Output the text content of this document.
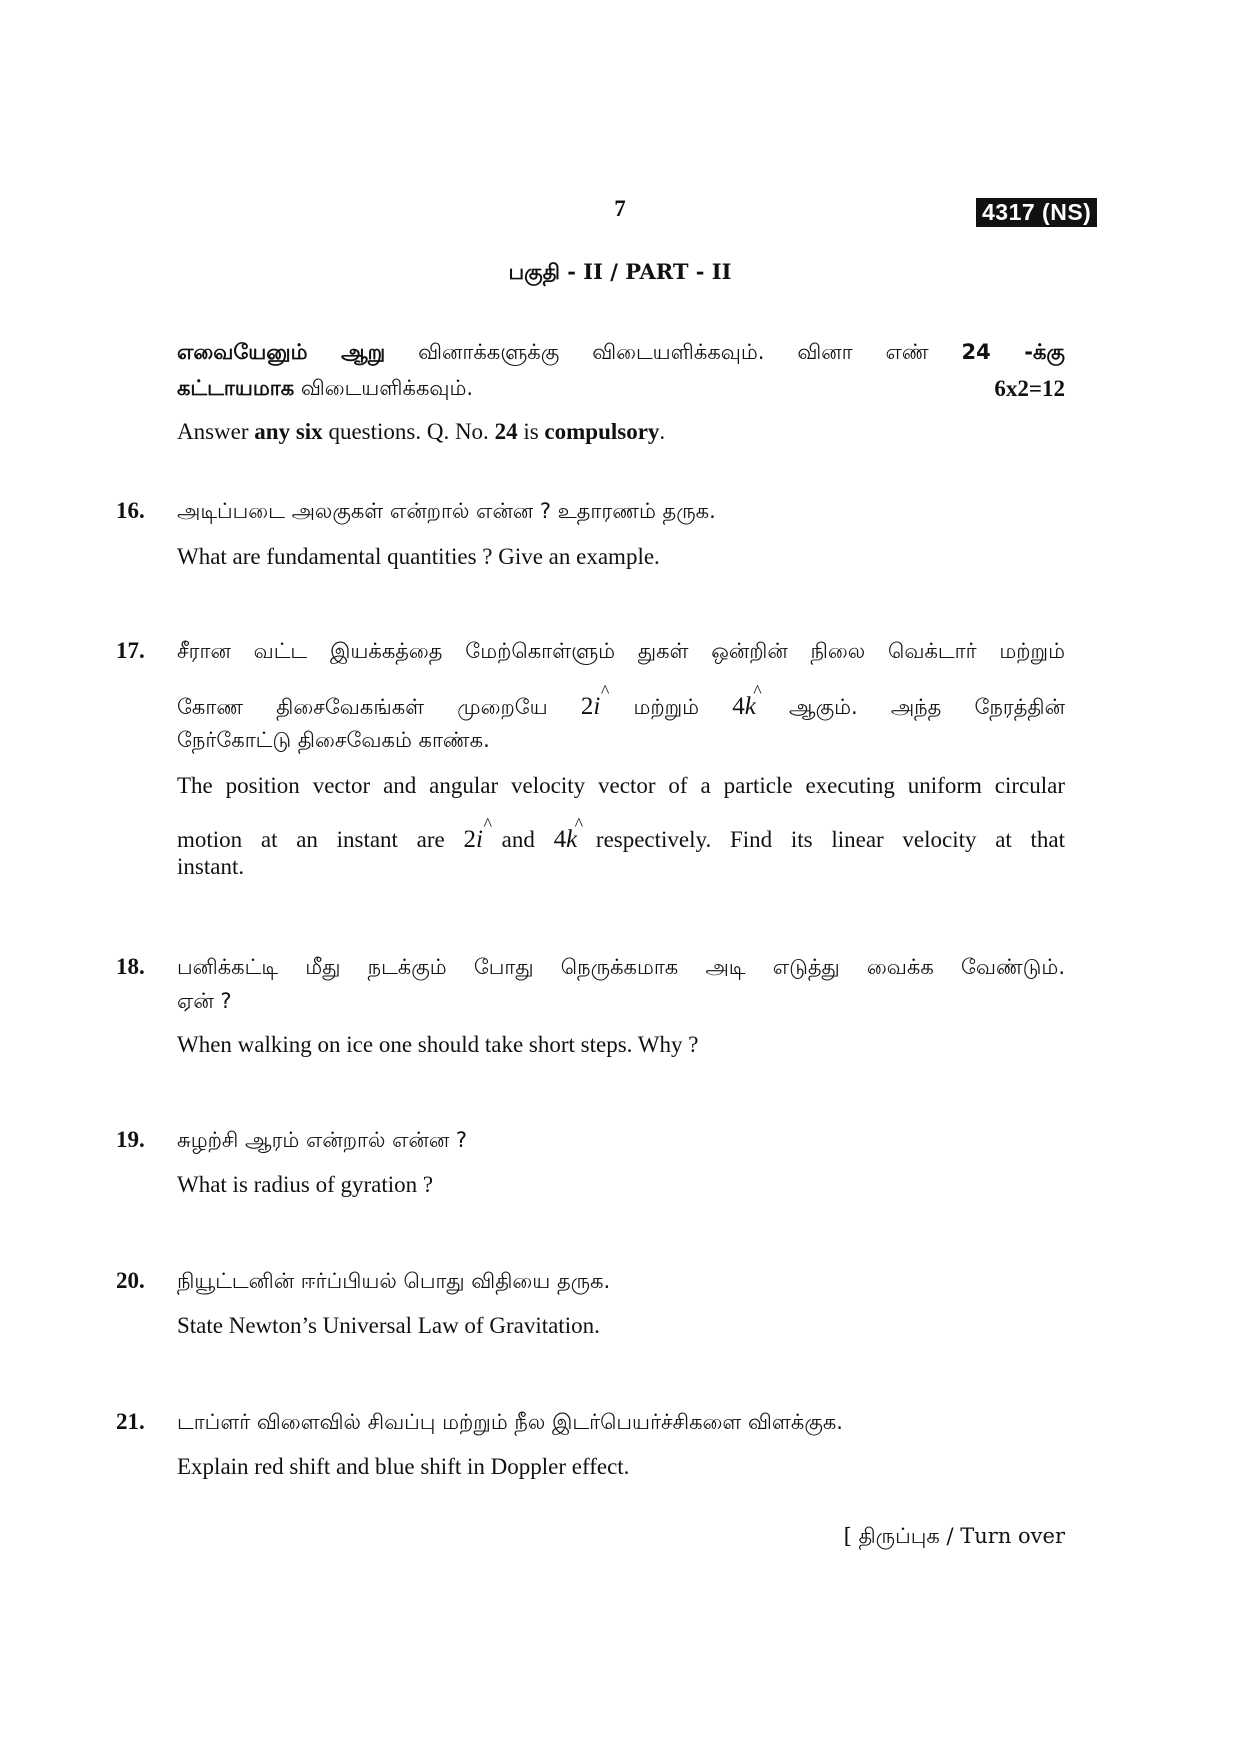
7	4317 (NS)
பகுதி - II / PART - II
எவையேனும் ஆறு வினாக்களுக்கு விடையளிக்கவும். வினா எண் 24 -க்கு
கட்டாயமாக விடையளிக்கவும்.	6x2=12
Answer any six questions. Q. No. 24 is compulsory.
16.	அடிப்படை அலகுகள் என்றால் என்ன ? உதாரணம் தருக.
What are fundamental quantities ? Give an example.
17.	சீரான வட்ட இயக்கத்தை மேற்கொள்ளும் துகள் ஒன்றின் நிலை வெக்டார் மற்றும்
கோண திசைவேகங்கள் முறையே 2i
^
மற்றும் 4k
^
ஆகும். அந்த நேரத்தின்
நேர்கோட்டு திசைவேகம் காண்க.
The position vector and angular velocity vector of a particle executing uniform circular
motion at an instant are 2i
^
and 4k
^
respectively. Find its linear velocity at that
instant.
18.	பனிக்கட்டி மீது நடக்கும் போது நெருக்கமாக அடி எடுத்து வைக்க வேண்டும்.
ஏன் ?
When walking on ice one should take short steps. Why ?
19.	சுழற்சி ஆரம் என்றால் என்ன ?
What is radius of gyration ?
20.	நியூட்டனின் ஈர்ப்பியல் பொது விதியை தருக.
State Newton’s Universal Law of Gravitation.
21.	டாப்ளர் விளைவில் சிவப்பு மற்றும் நீல இடர்பெயர்ச்சிகளை விளக்குக.
Explain red shift and blue shift in Doppler effect.
[ திருப்புக / Turn over
